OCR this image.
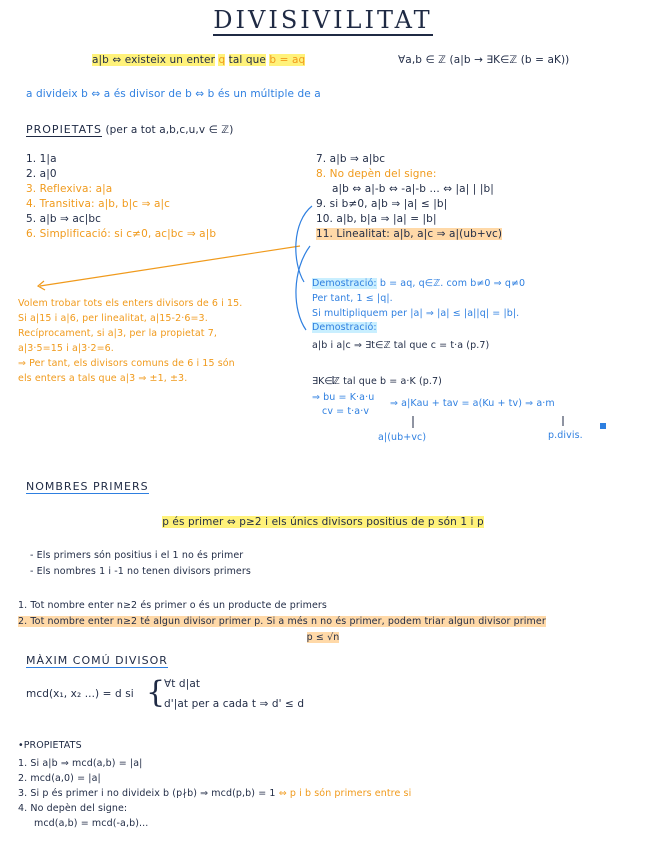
DIVISIVILITAT
a|b ⇔ existeix un enter q tal que b = aq	∀a,b ∈ ℤ (a|b → ∃K∈ℤ (b = aK))
a divideix b ⇔ a és divisor de b ⇔ b és un múltiple de a
PROPIETATS (per a tot a,b,c,u,v ∈ ℤ)
1. 1|a
2. a|0
3. Reflexiva: a|a
4. Transitiva: a|b, b|c ⇒ a|c
5. a|b ⇒ ac|bc
6. Simplificació: si c≠0, ac|bc ⇒ a|b
7. a|b ⇒ a|bc
8. No depèn del signe:
a|b ⇔ a|-b ⇔ -a|-b ... ⇔ |a| | |b|
9. si b≠0, a|b ⇒ |a| ≤ |b|
10. a|b, b|a ⇒ |a| = |b|
11. Linealitat: a|b, a|c ⇒ a|(ub+vc)
Volem trobar tots els enters divisors de 6 i 15.
Si a|15 i a|6, per linealitat, a|15-2·6=3.
Recíprocament, si a|3, per la propietat 7,
a|3·5=15 i a|3·2=6.
⇒ Per tant, els divisors comuns de 6 i 15 són
els enters a tals que a|3 ⇒ ±1, ±3.
Demostració: b = aq, q∈ℤ. com b≠0 ⇒ q≠0
Per tant, 1 ≤ |q|.
Si multipliquem per |a| ⇒ |a| ≤ |a||q| = |b|.
Demostració:
a|b i a|c ⇒ ∃t∈ℤ tal que c = t·a (p.7)
∃K∈ℤ tal que b = a·K (p.7)
⇒ bu = K·a·u
cv = t·a·v
⇒ a|Kau + tav = a(Ku + tv) ⇒ a·m
a|(ub+vc)	p.divis.
NOMBRES PRIMERS
p és primer ⇔ p≥2 i els únics divisors positius de p són 1 i p
- Els primers són positius i el 1 no és primer
- Els nombres 1 i -1 no tenen divisors primers
1. Tot nombre enter n≥2 és primer o és un producte de primers
2. Tot nombre enter n≥2 té algun divisor primer p. Si a més n no és primer, podem triar algun divisor primer
p ≤ √n
MÀXIM COMÚ DIVISOR
mcd(x₁, x₂ ...) = d si {
∀t d|at
d'|at per a cada t ⇒ d' ≤ d
•PROPIETATS
1. Si a|b ⇒ mcd(a,b) = |a|
2. mcd(a,0) = |a|
3. Si p és primer i no divideix b (p∤b) ⇒ mcd(p,b) = 1 ⇔ p i b són primers entre si
4. No depèn del signe:
mcd(a,b) = mcd(-a,b)...
